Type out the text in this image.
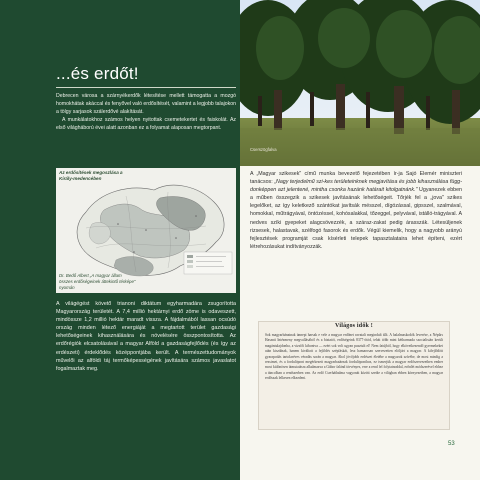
...és erdőt!

Debrecen városa a szárnyékerdők létesítése mellett támogatta a mozgó homokhátak akáccal és fenyővel való erdősítését, valamint a legjobb talajokon a tölgy sarjasok szálerdővé alakítását.

A munkálatokhoz számos helyen nyitottak csemetekertet és faiskolát. Az első világháború évei alatt azonban ez a folyamat alaposan megtorpant.

Az erdősítések megoszlása a
Király-medencében
Dr. Bedő Albert „A magyar állam
összes erdőségeinek áttekintő térképe" nyomán

A világégést követő trianoni diktátum egyharmadára zsugorította Magyarország területét. A 7,4 millió hektárnyi erdő zöme is odaveszett, mindössze 1,2 millió hektár maradt vissza. A fájdalmából lassan ocsúdó ország minden létező energiáját a megtartott terület gazdasági lehetőségeinek kihasználására és növelésére összpontosította. Az erdőrégiók elcsatolásával a magyar Alföld a gazdaságfejlődés (és így az erdészeti) érdeklődés középpontjába került. A természettudományok művelői az alföldi táj termőképességének javítására számos javaslatot fogalmaztak meg.

Cserszögfalva

A „Magyar szikesek" című munka bevezető fejezetében ír-ja Sajó Elemér miniszteri tanácsos: „Nagy terjedelmű szi-kes területeinknek megjavítása és jobb kihasználása függ-donképpen azt jelentené, mintha csonka hazánk határait kitolgatnánk." Ugyanezek ebben a műben összegzik a szikesek javításának lehetőségeit. Tőrjék fel a „jova" szikes legelőket, az így keletkező szántókat javítsák mésszel, dígózással, gipsszel, szalmával, homokkal, műtrágyával, öntözéssel, kohósalakkal, tőzeggel, pelyvával, istálló-trágyával. A nedves szíki gyepeket alagcsövezzék, a száraz-zakat pedig árasszák. Létesüljenek rizsesek, halastavak, szélfogó fasorok és erdők. Végül kiemelik, hogy a nagyobb arányú fejlesztések programját csak kísérleti telepek tapasztalataira lehet építeni, ezért létrehozásukat indítványozzák.

Világos idők !
Sok magyarbánatnak ünnepi harsak e vele a magyar erdőnet ravatali megindult állt. A halalmaskodók leverése, a Népűrs Hasznú Intézmeny megvallásából és a biztatói, erdőségeink 8377-ötöd, tehát több mint kétharmada szocialistán került magántulajdonba, a vizsfői kibontva — ezért sok volt ugyan pusztult el! Nem fatújból, hogy elkövetkezendő gyermekeket után kiszálnak, hanem kiváltott a fejlődés szépfáskát, lesz hamarosan szervezetten elöljárt a magyar. A kifejlődött gyarapodás tartolaréves véradás során a magyar. Ahol jövőjobb erdészet életébe a magyarok szívébe, de most mindig a rezsimet, és a fordulópont megérkezett magyarhatárnak fordulóponthoz, ez ismerjük a magyar erdőszervezetben ember most különösen útmutatásra alkalmazva a Gábor falánd törvényes, erre a rend fel folytatnoddal, erőnlét módszerével ehhez a táncolban a rendszerben van. Az erdő Cserháthalma vagyonát között szedte a világban ebben környezetben, a magyar erdőszak lelkesen elkezdeni.
53
